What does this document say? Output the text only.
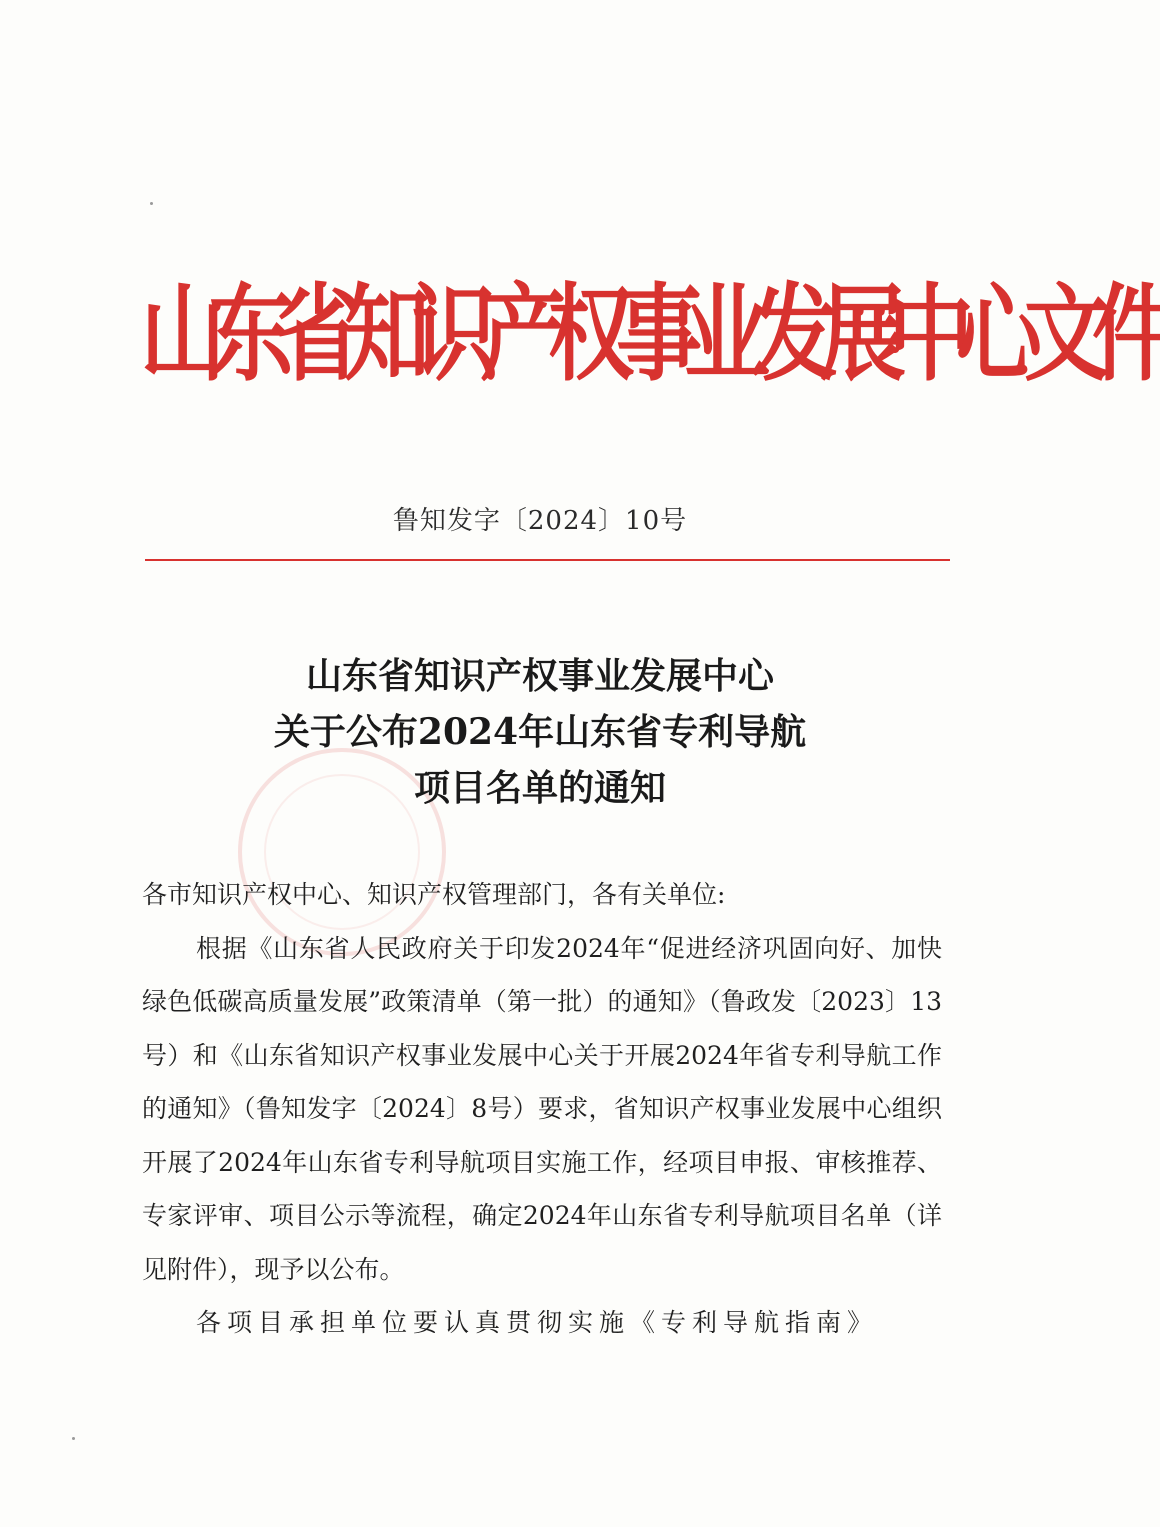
山东省知识产权事业发展中心文件
鲁知发字〔2024〕10号
山东省知识产权事业发展中心
关于公布2024年山东省专利导航
项目名单的通知

各市知识产权中心、知识产权管理部门，各有关单位:

根据《山东省人民政府关于印发2024年“促进经济巩固向好、加快绿色低碳高质量发展”政策清单（第一批）的通知》（鲁政发〔2023〕13号）和《山东省知识产权事业发展中心关于开展2024年省专利导航工作的通知》（鲁知发字〔2024〕8号）要求，省知识产权事业发展中心组织开展了2024年山东省专利导航项目实施工作，经项目申报、审核推荐、专家评审、项目公示等流程，确定2024年山东省专利导航项目名单（详见附件），现予以公布。

各项目承担单位要认真贯彻实施《专利导航指南》
